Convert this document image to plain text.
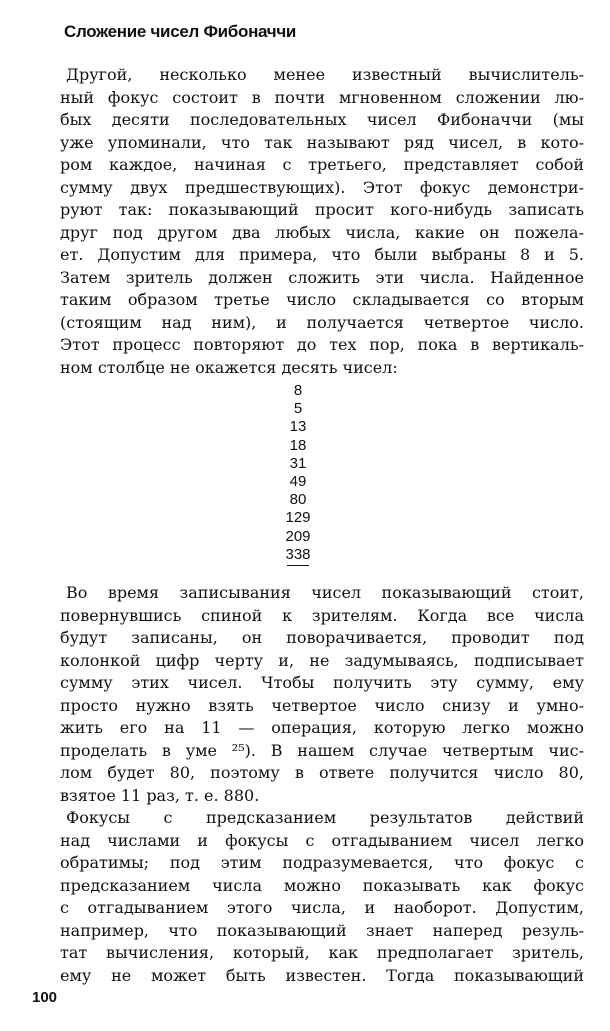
Сложение чисел Фибоначчи

Другой, несколько менее известный вычислитель-

ный фокус состоит в почти мгновенном сложении лю-

бых десяти последовательных чисел Фибоначчи (мы

уже упоминали, что так называют ряд чисел, в кото-

ром каждое, начиная с третьего, представляет собой

сумму двух предшествующих). Этот фокус демонстри-

руют так: показывающий просит кого-нибудь записать

друг под другом два любых числа, какие он пожела-

ет. Допустим для примера, что были выбраны 8 и 5.

Затем зритель должен сложить эти числа. Найденное

таким образом третье число складывается со вторым

(стоящим над ним), и получается четвертое число.

Этот процесс повторяют до тех пор, пока в вертикаль-

ном столбце не окажется десять чисел:

8
5
13
18
31
49
80
129
209
338

Во время записывания чисел показывающий стоит,

повернувшись спиной к зрителям. Когда все числа

будут записаны, он поворачивается, проводит под

колонкой цифр черту и, не задумываясь, подписывает

сумму этих чисел. Чтобы получить эту сумму, ему

просто нужно взять четвертое число снизу и умно-

жить его на 11 — операция, которую легко можно

проделать в уме ²⁵). В нашем случае четвертым чис-

лом будет 80, поэтому в ответе получится число 80,

взятое 11 раз, т. е. 880.

Фокусы с предсказанием результатов действий

над числами и фокусы с отгадыванием чисел легко

обратимы; под этим подразумевается, что фокус с

предсказанием числа можно показывать как фокус

с отгадыванием этого числа, и наоборот. Допустим,

например, что показывающий знает наперед резуль-

тат вычисления, который, как предполагает зритель,

ему не может быть известен. Тогда показывающий

100
